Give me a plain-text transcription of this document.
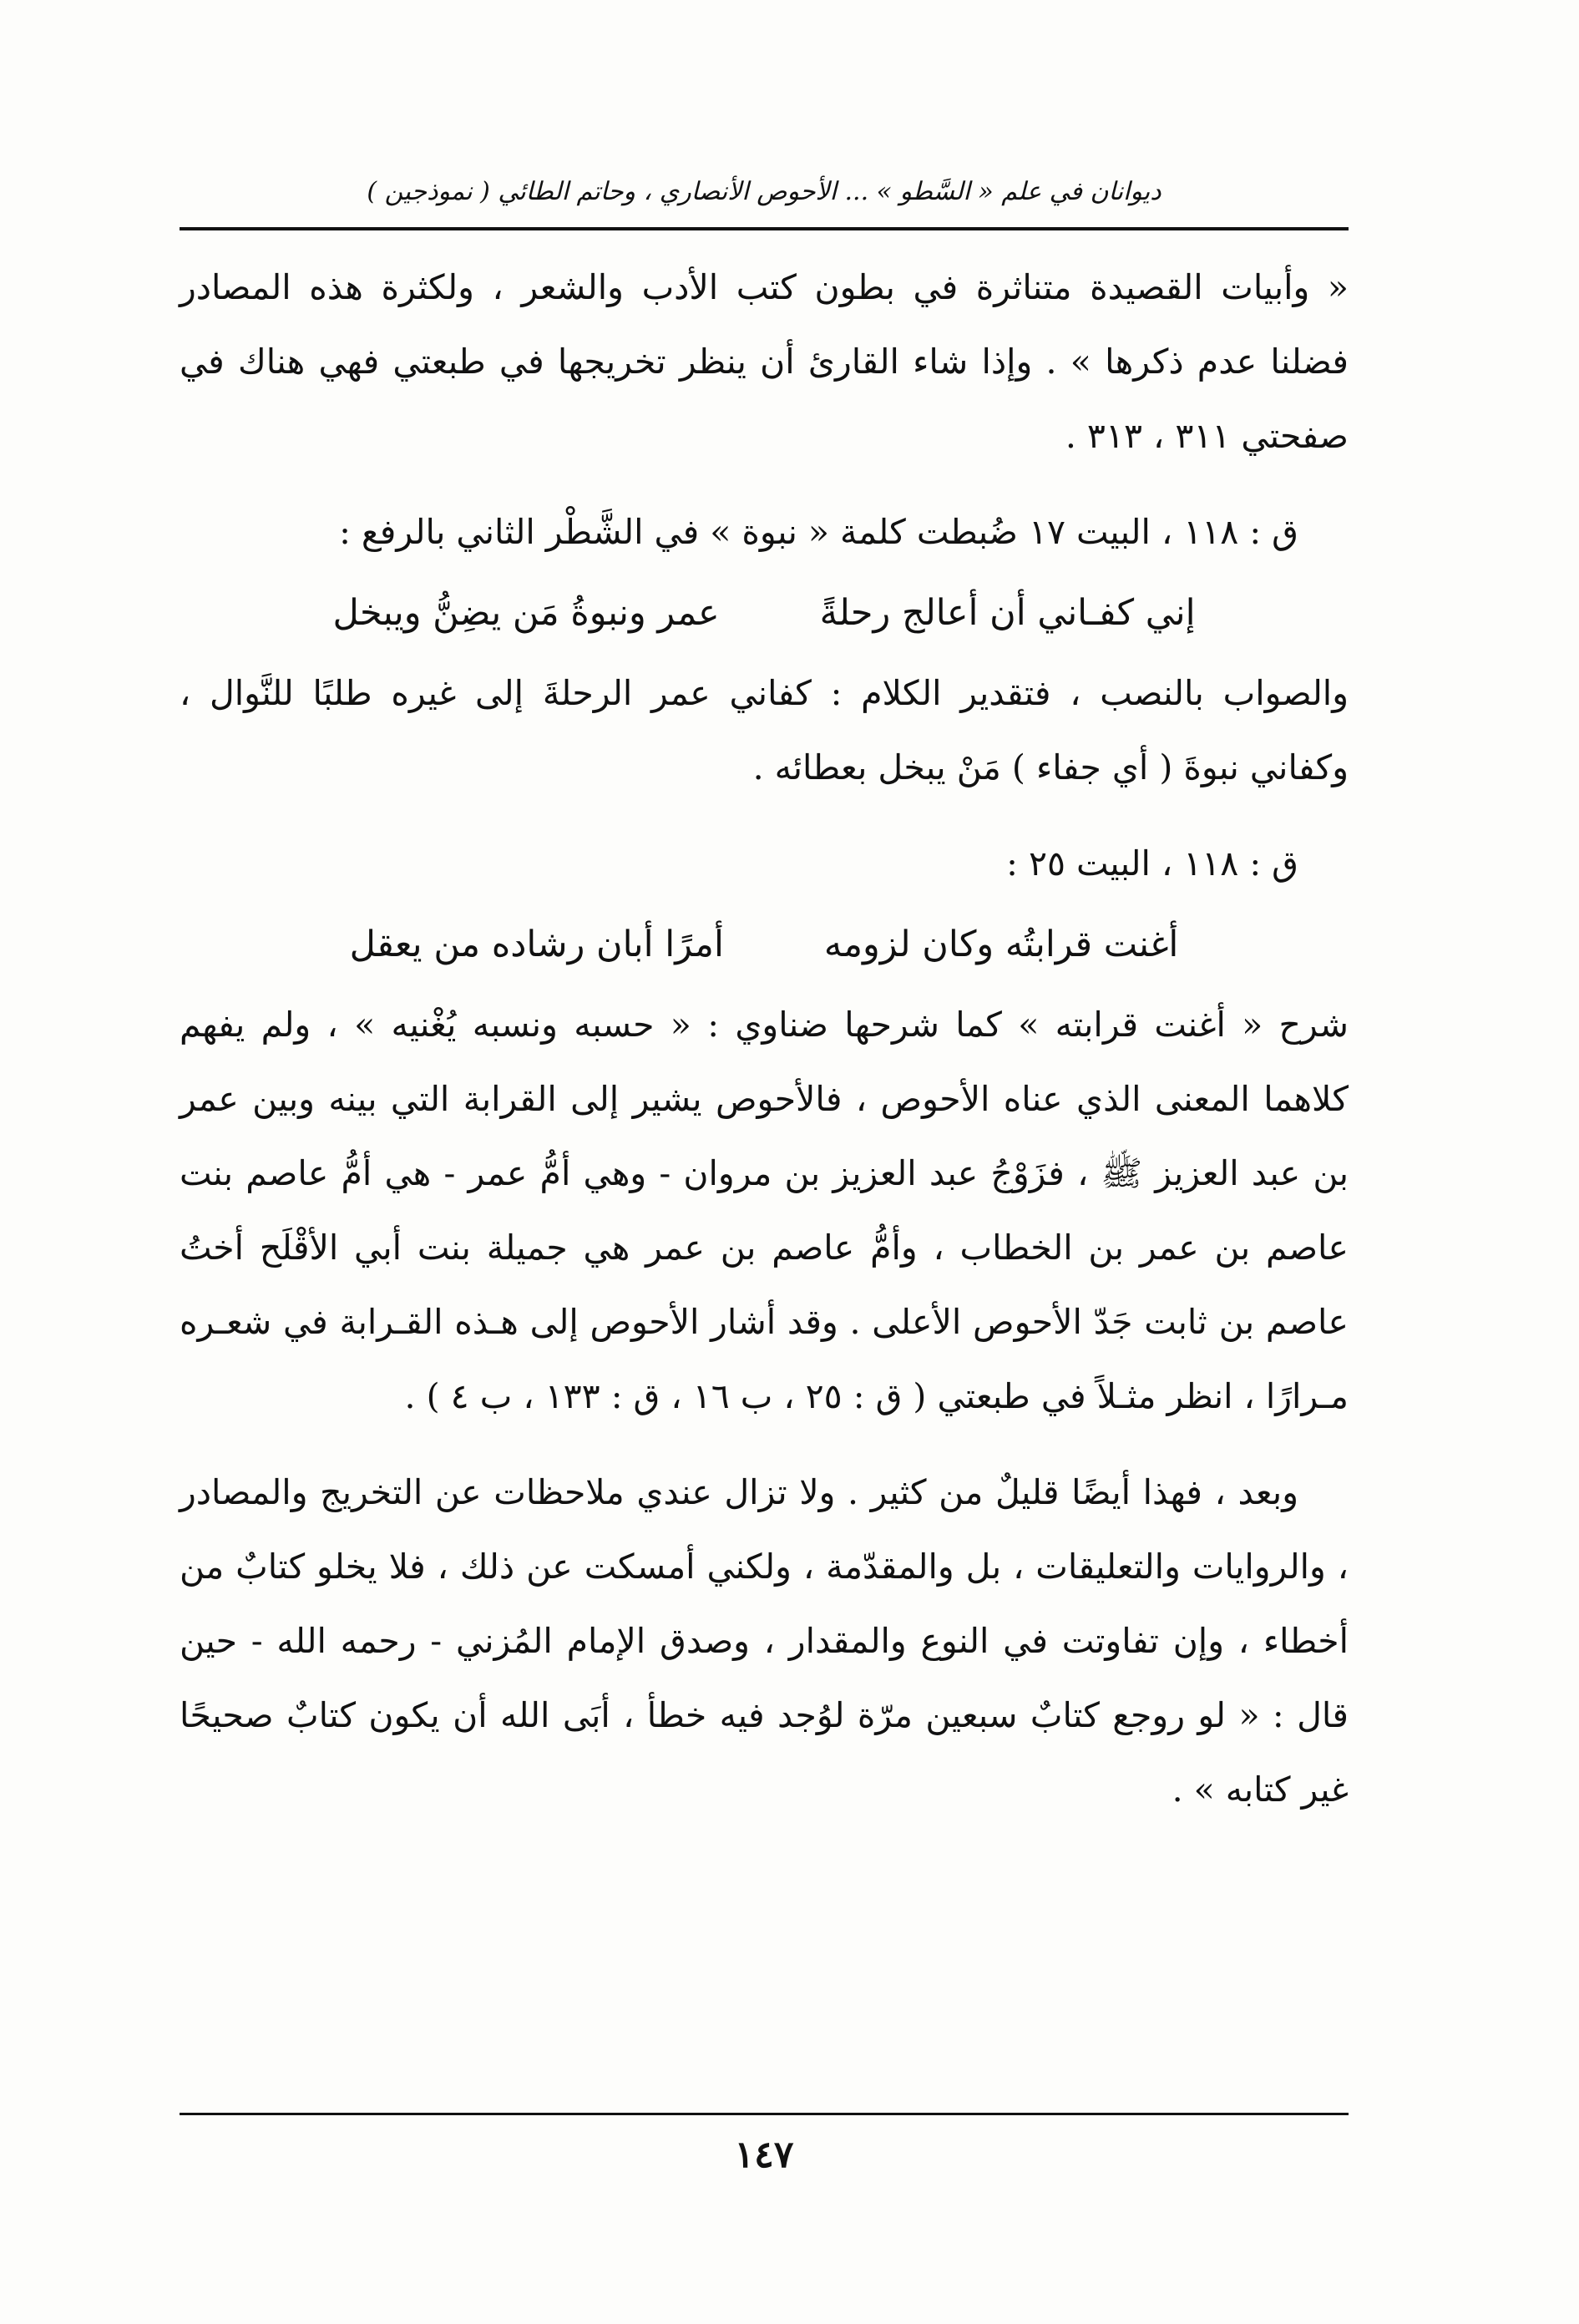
ديوانان في علم « السَّطو » ... الأحوص الأنصاري ، وحاتم الطائي ( نموذجين )

« وأبيات القصيدة متناثرة في بطون كتب الأدب والشعر ، ولكثرة هذه المصادر فضلنا عدم ذكرها » . وإذا شاء القارئ أن ينظر تخريجها في طبعتي فهي هناك في صفحتي ٣١١ ، ٣١٣ .

ق : ١١٨ ، البيت ١٧ ضُبطت كلمة « نبوة » في الشَّطْر الثاني بالرفع :

إني كفـاني أن أعالج رحلةً
عمر ونبوةُ مَن يضِنُّ ويبخل

والصواب بالنصب ، فتقدير الكلام : كفاني عمر الرحلةَ إلى غيره طلبًا للنَّوال ، وكفاني نبوةَ ( أي جفاء ) مَنْ يبخل بعطائه .

ق : ١١٨ ، البيت ٢٥ :

أغنت قرابتُه وكان لزومه
أمرًا أبان رشاده من يعقل

شرح « أغنت قرابته » كما شرحها ضناوي : « حسبه ونسبه يُغْنيه » ، ولم يفهم كلاهما المعنى الذي عناه الأحوص ، فالأحوص يشير إلى القرابة التي بينه وبين عمر بن عبد العزيز ﷺ ، فزَوْجُ عبد العزيز بن مروان - وهي أمُّ عمر - هي أمُّ عاصم بنت عاصم بن عمر بن الخطاب ، وأمُّ عاصم بن عمر هي جميلة بنت أبي الأقْلَح أختُ عاصم بن ثابت جَدّ الأحوص الأعلى . وقد أشار الأحوص إلى هـذه القـرابة في شعـره مـرارًا ، انظر مثـلاً في طبعتي ( ق : ٢٥ ، ب ١٦ ، ق : ١٣٣ ، ب ٤ ) .

وبعد ، فهذا أيضًا قليلٌ من كثير . ولا تزال عندي ملاحظات عن التخريج والمصادر ، والروايات والتعليقات ، بل والمقدّمة ، ولكني أمسكت عن ذلك ، فلا يخلو كتابٌ من أخطاء ، وإن تفاوتت في النوع والمقدار ، وصدق الإمام المُزني - رحمه الله - حين قال : « لو روجع كتابٌ سبعين مرّة لوُجد فيه خطأ ، أبَى الله أن يكون كتابٌ صحيحًا غير كتابه » .

١٤٧
